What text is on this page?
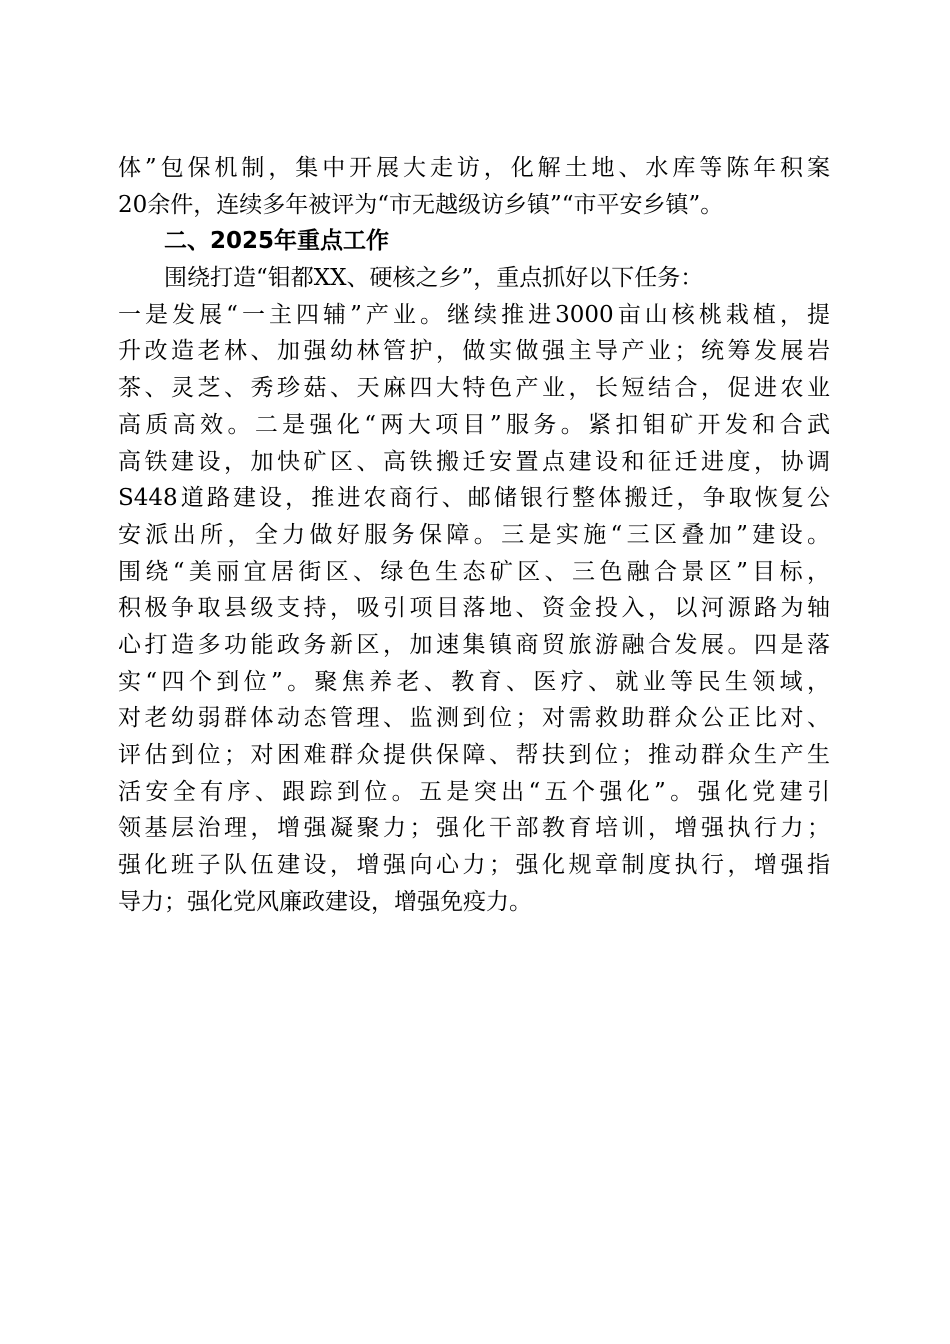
体”包保机制，集中开展大走访，化解土地、水库等陈年积案
20余件，连续多年被评为“市无越级访乡镇”“市平安乡镇”。
二、2025年重点工作
围绕打造“钼都XX、硬核之乡”，重点抓好以下任务：
一是发展“一主四辅”产业。继续推进3000亩山核桃栽植，提
升改造老林、加强幼林管护，做实做强主导产业；统筹发展岩
茶、灵芝、秀珍菇、天麻四大特色产业，长短结合，促进农业
高质高效。二是强化“两大项目”服务。紧扣钼矿开发和合武
高铁建设，加快矿区、高铁搬迁安置点建设和征迁进度，协调
S448道路建设，推进农商行、邮储银行整体搬迁，争取恢复公
安派出所，全力做好服务保障。三是实施“三区叠加”建设。
围绕“美丽宜居街区、绿色生态矿区、三色融合景区”目标，
积极争取县级支持，吸引项目落地、资金投入，以河源路为轴
心打造多功能政务新区，加速集镇商贸旅游融合发展。四是落
实“四个到位”。聚焦养老、教育、医疗、就业等民生领域，
对老幼弱群体动态管理、监测到位；对需救助群众公正比对、
评估到位；对困难群众提供保障、帮扶到位；推动群众生产生
活安全有序、跟踪到位。五是突出“五个强化”。强化党建引
领基层治理，增强凝聚力；强化干部教育培训，增强执行力；
强化班子队伍建设，增强向心力；强化规章制度执行，增强指
导力；强化党风廉政建设，增强免疫力。
